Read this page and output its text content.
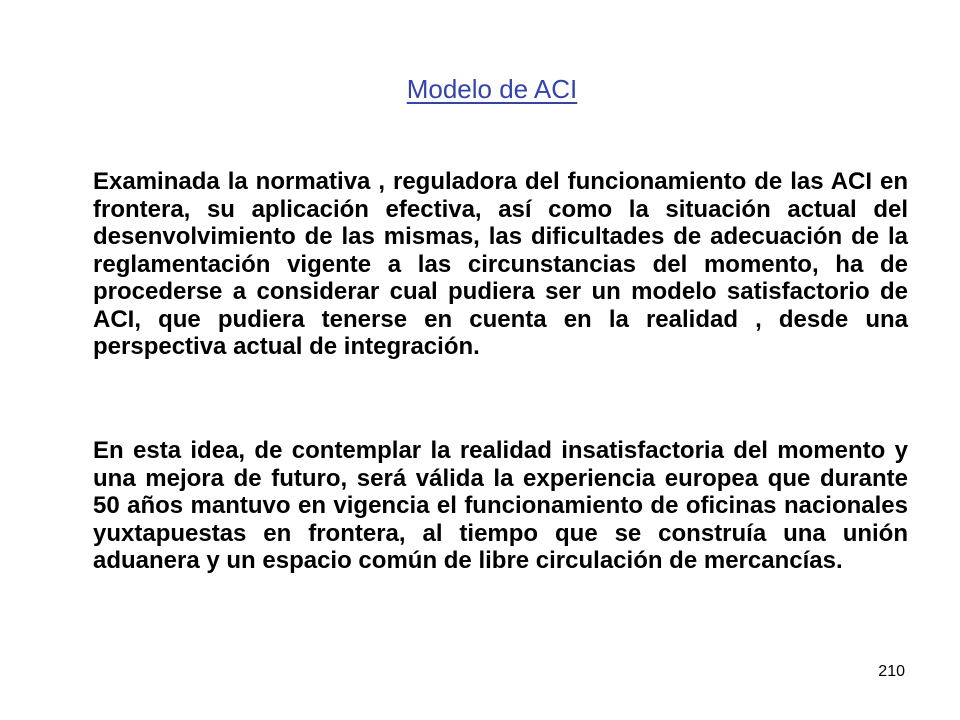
Modelo de ACI

Examinada la normativa , reguladora del funcionamiento de las ACI en frontera, su aplicación efectiva, así como la situación actual del desenvolvimiento de las mismas, las dificultades de adecuación de la reglamentación vigente a las circunstancias del momento, ha de procederse a considerar cual pudiera ser un modelo satisfactorio de ACI, que pudiera tenerse en cuenta en la realidad , desde una perspectiva actual de integración.

En esta idea, de contemplar la realidad insatisfactoria del momento y una mejora de futuro, será válida la experiencia europea que durante 50 años mantuvo en vigencia el funcionamiento de oficinas nacionales yuxtapuestas en frontera, al tiempo que se construía una unión aduanera y un espacio común de libre circulación de mercancías.

210
